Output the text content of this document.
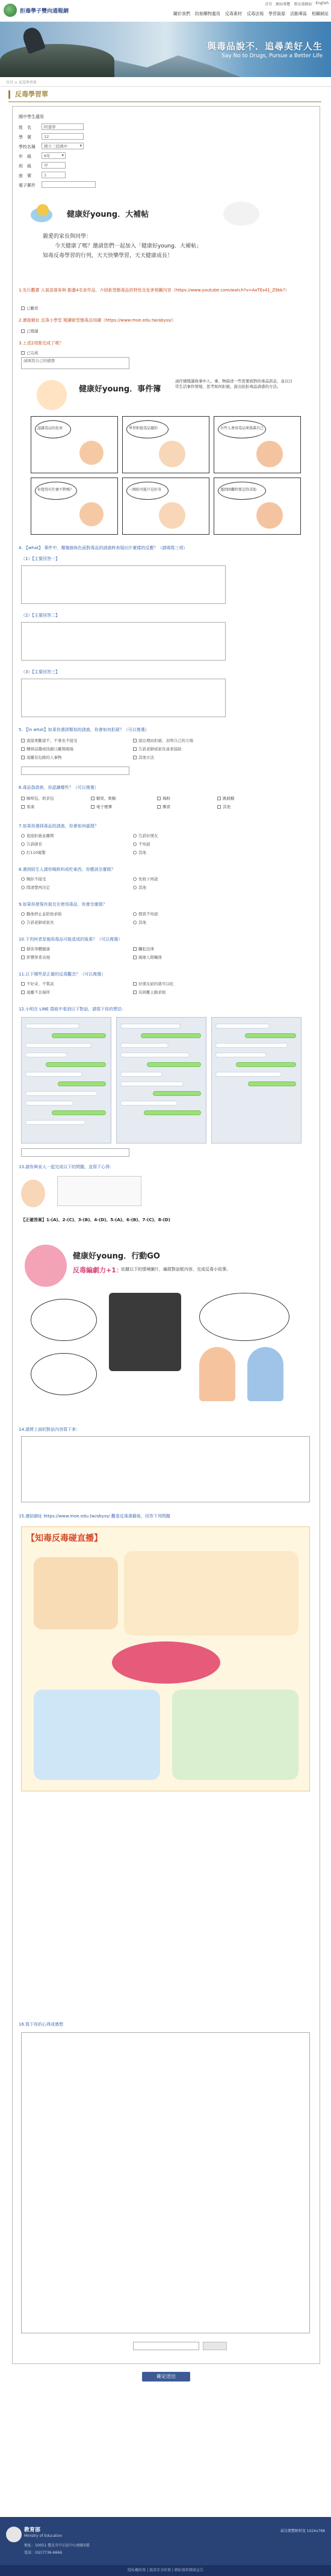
拒毒學子雙向通報網
首頁 網站導覽 教育部網站 English
關於我們 防制藥物濫用 反毒素材 反毒法規 學習資源 活動專區 相關網站
與毒品說不．追尋美好人生
Say No to Drugs, Pursue a Better Life
首頁 > 反毒學習單
反毒學習單
國中學生適用
姓　名	阿嘉學
學　號	12
學校名稱	國立三民國中 ▾
年　級	6年 ▾
班　級	甲
座　號	1
電子郵件
健康好young．大補帖
親愛的家長與同學：
今天健康了嗎？邀請您們一起加入「健康好young．大補帖」
知毒反毒學習的行列，天天快樂學習，天天健康成長！
1.先行觀賞 人氣部落客與 動畫4名家作品，介紹新型態毒品的特性及危害相關內容（https://www.youtube.com/watch?v=AoTEs41_Z9bk?）
已觀看
2.連接網址 反毒小學堂 閱讀新型態毒品知識（https://www.moe.edu.tw/abyss/）
已閱讀
3.上述2項都完成了嗎？
已完成
請填寫自己的感想
健康好young．事件簿
請仔細閱讀故事中人、事、物描述一些需要面對的毒品訊息，並以日常生活事件情境，思考如何拒絕，說出抗拒毒品誘惑的方法。
認識毒品的危害	學習拒絕毒品邀約	有些人會用毒品來偽裝自己
你覺得有什麼不對嗎？	一開始可能只是好奇	遇到困難時要記得求助
4. 【what】 事件中，哪幾個角色面對毒品的誘惑時表現出什麼樣的反應？（請填寫三項）
（1）【主要回答一】
（2）【主要回答二】
（3）【主要回答三】
5. 【in what】如果你遇到類似的誘惑，你會如何拒絕？（可以複選）
直接果斷說不，不拿也不接受	說出理由拒絕，表明自己的立場
轉移話題或找藉口離開現場	告訴老師或家長尋求協助
遠離有危險的人事物	其他方法
6.毒品偽裝術，你認識哪些？（可以複選）
咖啡包、奶茶包	糖果、軟糖	梅粉	跳跳糖
果凍	電子煙彈	郵票	其他
7.如果你遇到毒品的誘惑，你會如何處理？
直接拒絕並離開
告訴師長
打110報警
告訴好朋友
不知道
其他
8.遇到陌生人請你喝飲料或吃東西，你應該怎麼做？
婉拒不接受
問清楚再決定
先收下再說
其他
9.如果你發現有朋友在使用毒品，你會怎麼做？
勸他停止並陪他求助
告訴老師或家長
假裝不知道
其他
10.下列何者是施用毒品可能造成的後果？（可以複選）
損害身體健康
影響學業表現
觸犯法律
破壞人際關係
11.以下哪些是正確的反毒觀念？（可以複選）
不好奇、不嘗試
遠離不良場所
好朋友給的就可以吃
有困難主動求助
12.小明在 LINE 群組中看到以下對話，請寫下你的想法：
13.請你與家人一起完成以下的問題，並寫下心得：
【正確答案】1-(A)、2-(C)、3-(B)、4-(D)、5-(A)、6-(B)、7-(C)、8-(D)
健康好young．行動GO
反毒編劇力+1：
依據以下的情境圖片，編寫對話框內容，完成反毒小故事。
14.請將上面的對話內容寫下來：
15.連結網址 https://www.moe.edu.tw/abyss/ 觀看反毒書籍後，回答下列問題
【知毒反毒碰直播】
16.寫下你的心得或感想
確定送出
教育部
Ministry of Education
地址：10051 臺北市中正區中山南路5號
電話：(02)7736-6666
最佳瀏覽解析度 1024x768
隱私權政策 | 資訊安全政策 | 網站資料開放宣告
